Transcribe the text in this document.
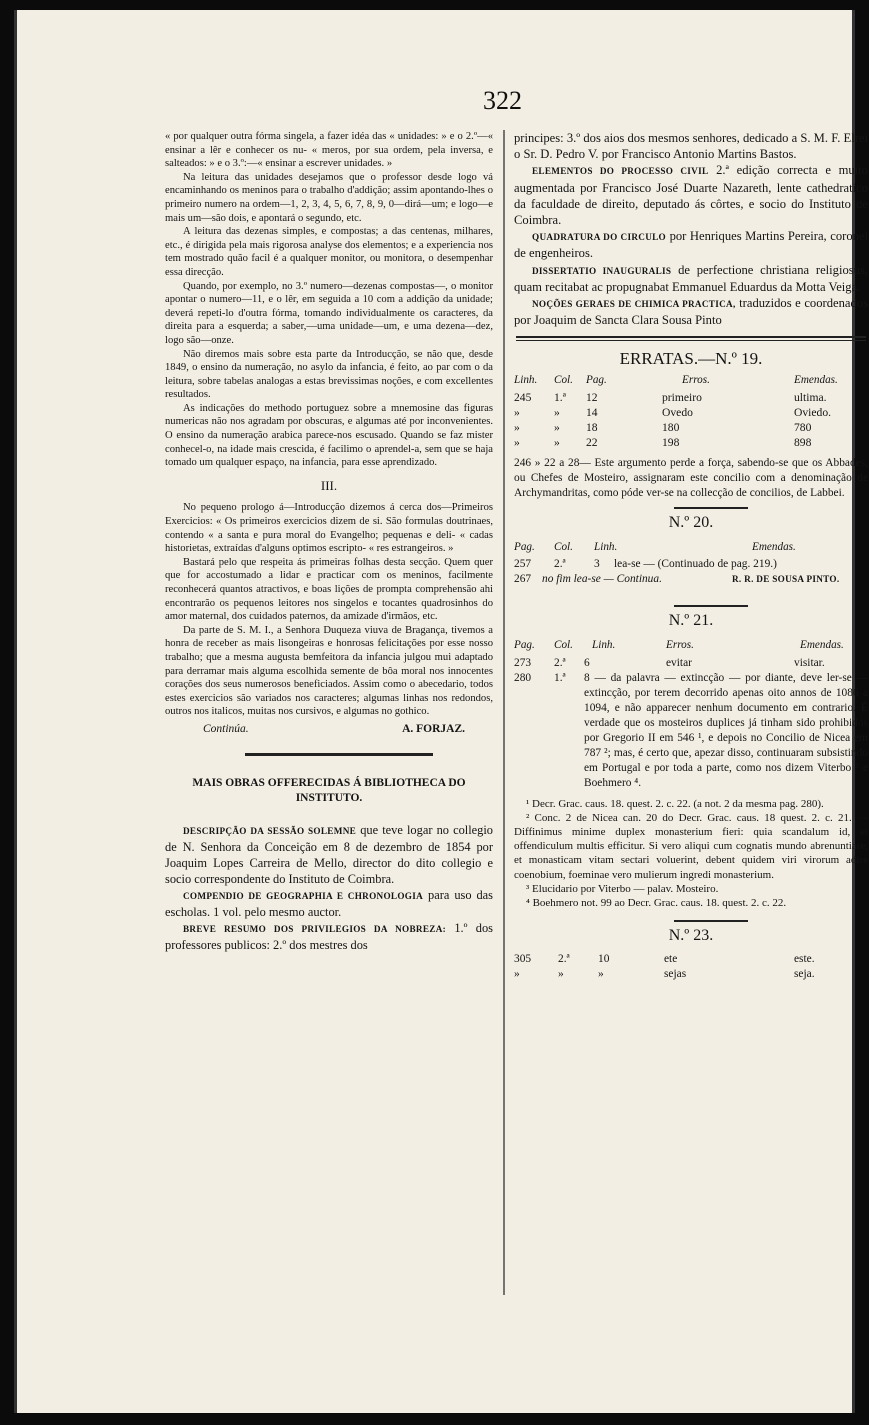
322

« por qualquer outra fórma singela, a fazer idéa das « unidades: » e o 2.º—« ensinar a lêr e conhecer os nu- « meros, por sua ordem, pela inversa, e salteados: » e o 3.º:—« ensinar a escrever unidades. »

Na leitura das unidades desejamos que o professor desde logo vá encaminhando os meninos para o trabalho d'addição; assim apontando-lhes o primeiro numero na ordem—1, 2, 3, 4, 5, 6, 7, 8, 9, 0—dirá—um; e logo—e mais um—são dois, e apontará o segundo, etc.

A leitura das dezenas simples, e compostas; a das centenas, milhares, etc., é dirigida pela mais rigorosa analyse dos elementos; e a experiencia nos tem mostrado quão facil é a qualquer monitor, ou monitora, o desempenhar essa direcção.

Quando, por exemplo, no 3.º numero—dezenas compostas—, o monitor apontar o numero—11, e o lêr, em seguida a 10 com a addição da unidade; deverá repeti-lo d'outra fórma, tomando individualmente os caracteres, da direita para a esquerda; a saber,—uma unidade—um, e uma dezena—dez, logo são—onze.

Não diremos mais sobre esta parte da Introducção, se não que, desde 1849, o ensino da numeração, no asylo da infancia, é feito, ao par com o da leitura, sobre tabelas analogas a estas brevissimas noções, e com excellentes resultados.

As indicações do methodo portuguez sobre a mnemosine das figuras numericas não nos agradam por obscuras, e algumas até por inconvenientes. O ensino da numeração arabica parece-nos escusado. Quando se faz mister conhecel-o, na idade mais crescida, é facilimo o aprendel-a, sem que se haja tomado um qualquer espaço, na infancia, para esse aprendizado.

III.

No pequeno prologo á—Introducção dizemos á cerca dos—Primeiros Exercicios: « Os primeiros exercicios dizem de si. São formulas doutrinaes, contendo « a santa e pura moral do Evangelho; pequenas e deli- « cadas historietas, extraídas d'alguns optimos escripto- « res estrangeiros. »

Bastará pelo que respeita ás primeiras folhas desta secção. Quem quer que for accostumado a lidar e practicar com os meninos, facilmente reconhecerá quantos atractivos, e boas lições de prompta comprehensão ahi encontrarão os pequenos leitores nos singelos e tocantes quadrosinhos do amor maternal, dos cuidados paternos, da amizade d'irmãos, etc.

Da parte de S. M. I., a Senhora Duqueza viuva de Bragança, tivemos a honra de receber as mais lisongeiras e honrosas felicitações por esse nosso trabalho; que a mesma augusta bemfeitora da infancia julgou mui adaptado para derramar mais alguma escolhida semente de bôa moral nos innocentes corações dos seus numerosos beneficiados. Assim como o abecedario, todos estes exercicios são variados nos caracteres; algumas linhas nos redondos, outros nos italicos, muitas nos cursivos, e algumas no gothico.

Continúa.	A. FORJAZ.
MAIS OBRAS OFFERECIDAS Á BIBLIOTHECA DO INSTITUTO.

DESCRIPÇÃO DA SESSÃO SOLEMNE que teve logar no collegio de N. Senhora da Conceição em 8 de dezembro de 1854 por Joaquim Lopes Carreira de Mello, director do dito collegio e socio correspondente do Instituto de Coimbra.

COMPENDIO DE GEOGRAPHIA E CHRONOLOGIA para uso das escholas. 1 vol. pelo mesmo auctor.

BREVE RESUMO DOS PRIVILEGIOS DA NOBREZA: 1.º dos professores publicos: 2.º dos mestres dos

principes: 3.º dos aios dos mesmos senhores, dedicado a S. M. F. Elrei o Sr. D. Pedro V. por Francisco Antonio Martins Bastos.

ELEMENTOS DO PROCESSO CIVIL 2.ª edição correcta e muito augmentada por Francisco José Duarte Nazareth, lente cathedratico da faculdade de direito, deputado ás côrtes, e socio do Instituto de Coimbra.

QUADRATURA DO CIRCULO por Henriques Martins Pereira, coronel de engenheiros.

DISSERTATIO INAUGURALIS de perfectione christiana religiosus, quam recitabat ac propugnabat Emmanuel Eduardus da Motta Veiga.

NOÇÕES GERAES DE CHIMICA PRACTICA, traduzidos e coordenados por Joaquim de Sancta Clara Sousa Pinto

ERRATAS.—N.º 19.
Linh.	Col.	Pag.	Erros.	Emendas.
245	1.ª	12	primeiro	ultima.
»	»	14	Ovedo	Oviedo.
»	»	18	180	780
»	»	22	198	898

246 » 22 a 28— Este argumento perde a força, sabendo-se que os Abbades, ou Chefes de Mosteiro, assignaram este concilio com a denominação de Archymandritas, como póde ver-se na collecção de concilios, de Labbei.

N.º 20.
Pag.	Col.	Linh.	Emendas.
257	2.ª	3	lea-se — (Continuado de pag. 219.)
267 no fim lea-se — Continua.	R. R. DE SOUSA PINTO.
N.º 21.
Pag.	Col.	Linh.	Erros.	Emendas.
273	2.ª	6	evitar	visitar.
280	1.ª	8 — da palavra — extincção — por diante, deve ler-se — extincção, por terem decorrido apenas oito annos de 1086 a 1094, e não apparecer nenhum documento em contrario. É verdade que os mosteiros duplices já tinham sido prohibidos por Gregorio II em 546 ¹, e depois no Concilio de Nicea em 787 ²; mas, é certo que, apezar disso, continuaram subsistindo em Portugal e por toda a parte, como nos dizem Viterbo ³ e Boehmero ⁴.

¹ Decr. Grac. caus. 18. quest. 2. c. 22. (a not. 2 da mesma pag. 280).

² Conc. 2 de Nicea can. 20 do Decr. Grac. caus. 18 quest. 2. c. 21. — Diffinimus minime duplex monasterium fieri: quia scandalum id, et offendiculum multis efficitur. Si vero aliqui cum cognatis mundo abrenuntiare, et monasticam vitam sectari voluerint, debent quidem viri virorum adire coenobium, foeminae vero mulierum ingredi monasterium.

³ Elucidario por Viterbo — palav. Mosteiro.

⁴ Boehmero not. 99 ao Decr. Grac. caus. 18. quest. 2. c. 22.

N.º 23.
305	2.ª	10	ete	este.
»	»	»	sejas	seja.
